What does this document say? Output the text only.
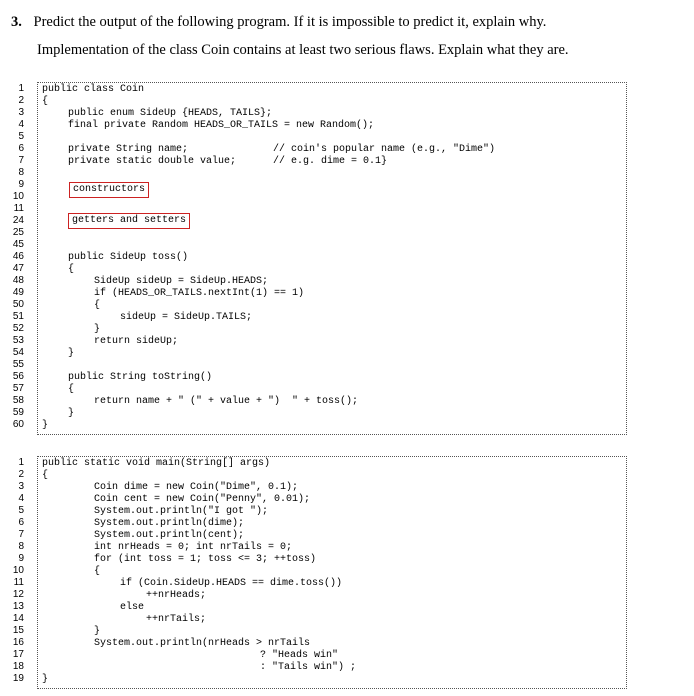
3. Predict the output of the following program. If it is impossible to predict it, explain why.
Implementation of the class Coin contains at least two serious flaws. Explain what they are.
1
2
3
4
5
6
7
8
9
10
11
24
25
45
46
47
48
49
50
51
52
53
54
55
56
57
58
59
60
public class Coin
{
public enum SideUp {HEADS, TAILS};
final private Random HEADS_OR_TAILS = new Random();
private String name;	// coin's popular name (e.g., "Dime")
private static double value;	// e.g. dime = 0.1}
constructors
getters and setters
public SideUp toss()
{
SideUp sideUp = SideUp.HEADS;
if (HEADS_OR_TAILS.nextInt(1) == 1)
{
sideUp = SideUp.TAILS;
}
return sideUp;
}
public String toString()
{
return name + " (" + value + ")  " + toss();
}
}
1
2
3
4
5
6
7
8
9
10
11
12
13
14
15
16
17
18
19
public static void main(String[] args)
{
Coin dime = new Coin("Dime", 0.1);
Coin cent = new Coin("Penny", 0.01);
System.out.println("I got ");
System.out.println(dime);
System.out.println(cent);
int nrHeads = 0; int nrTails = 0;
for (int toss = 1; toss <= 3; ++toss)
{
if (Coin.SideUp.HEADS == dime.toss())
++nrHeads;
else
++nrTails;
}
System.out.println(nrHeads > nrTails
? "Heads win"
: "Tails win") ;
}
